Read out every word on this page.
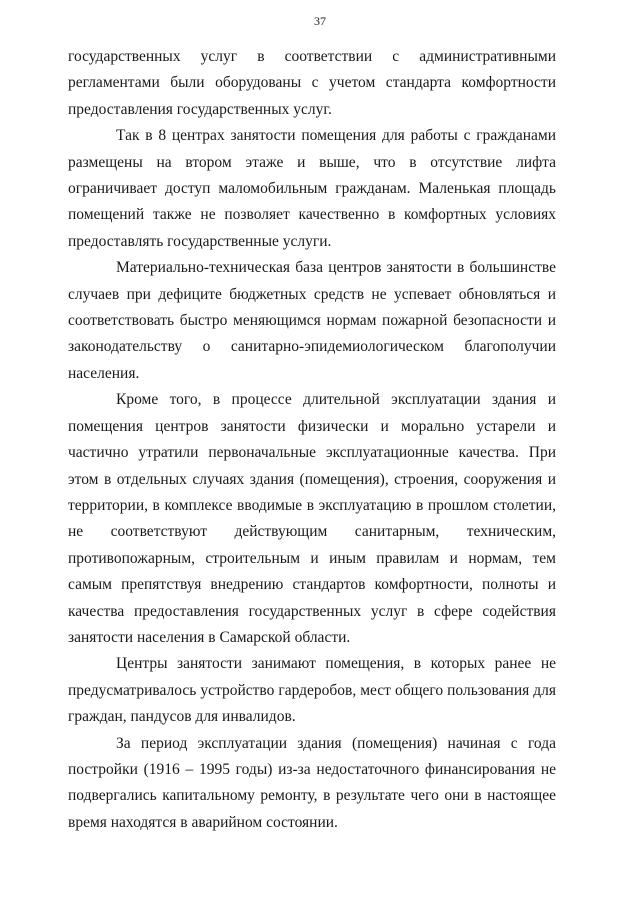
37

государственных услуг в соответствии с административными регламентами были оборудованы с учетом стандарта комфортности предоставления государственных услуг.

Так в 8 центрах занятости помещения для работы с гражданами размещены на втором этаже и выше, что в отсутствие лифта ограничивает доступ маломобильным гражданам. Маленькая площадь помещений также не позволяет качественно в комфортных условиях предоставлять государственные услуги.

Материально-техническая база центров занятости в большинстве случаев при дефиците бюджетных средств не успевает обновляться и соответствовать быстро меняющимся нормам пожарной безопасности и законодательству о санитарно-эпидемиологическом благополучии населения.

Кроме того, в процессе длительной эксплуатации здания и помещения центров занятости физически и морально устарели и частично утратили первоначальные эксплуатационные качества. При этом в отдельных случаях здания (помещения), строения, сооружения и территории, в комплексе вводимые в эксплуатацию в прошлом столетии, не соответствуют действующим санитарным, техническим, противопожарным, строительным и иным правилам и нормам, тем самым препятствуя внедрению стандартов комфортности, полноты и качества предоставления государственных услуг в сфере содействия занятости населения в Самарской области.

Центры занятости занимают помещения, в которых ранее не предусматривалось устройство гардеробов, мест общего пользования для граждан, пандусов для инвалидов.

За период эксплуатации здания (помещения) начиная с года постройки (1916 – 1995 годы) из-за недостаточного финансирования не подвергались капитальному ремонту, в результате чего они в настоящее время находятся в аварийном состоянии.
